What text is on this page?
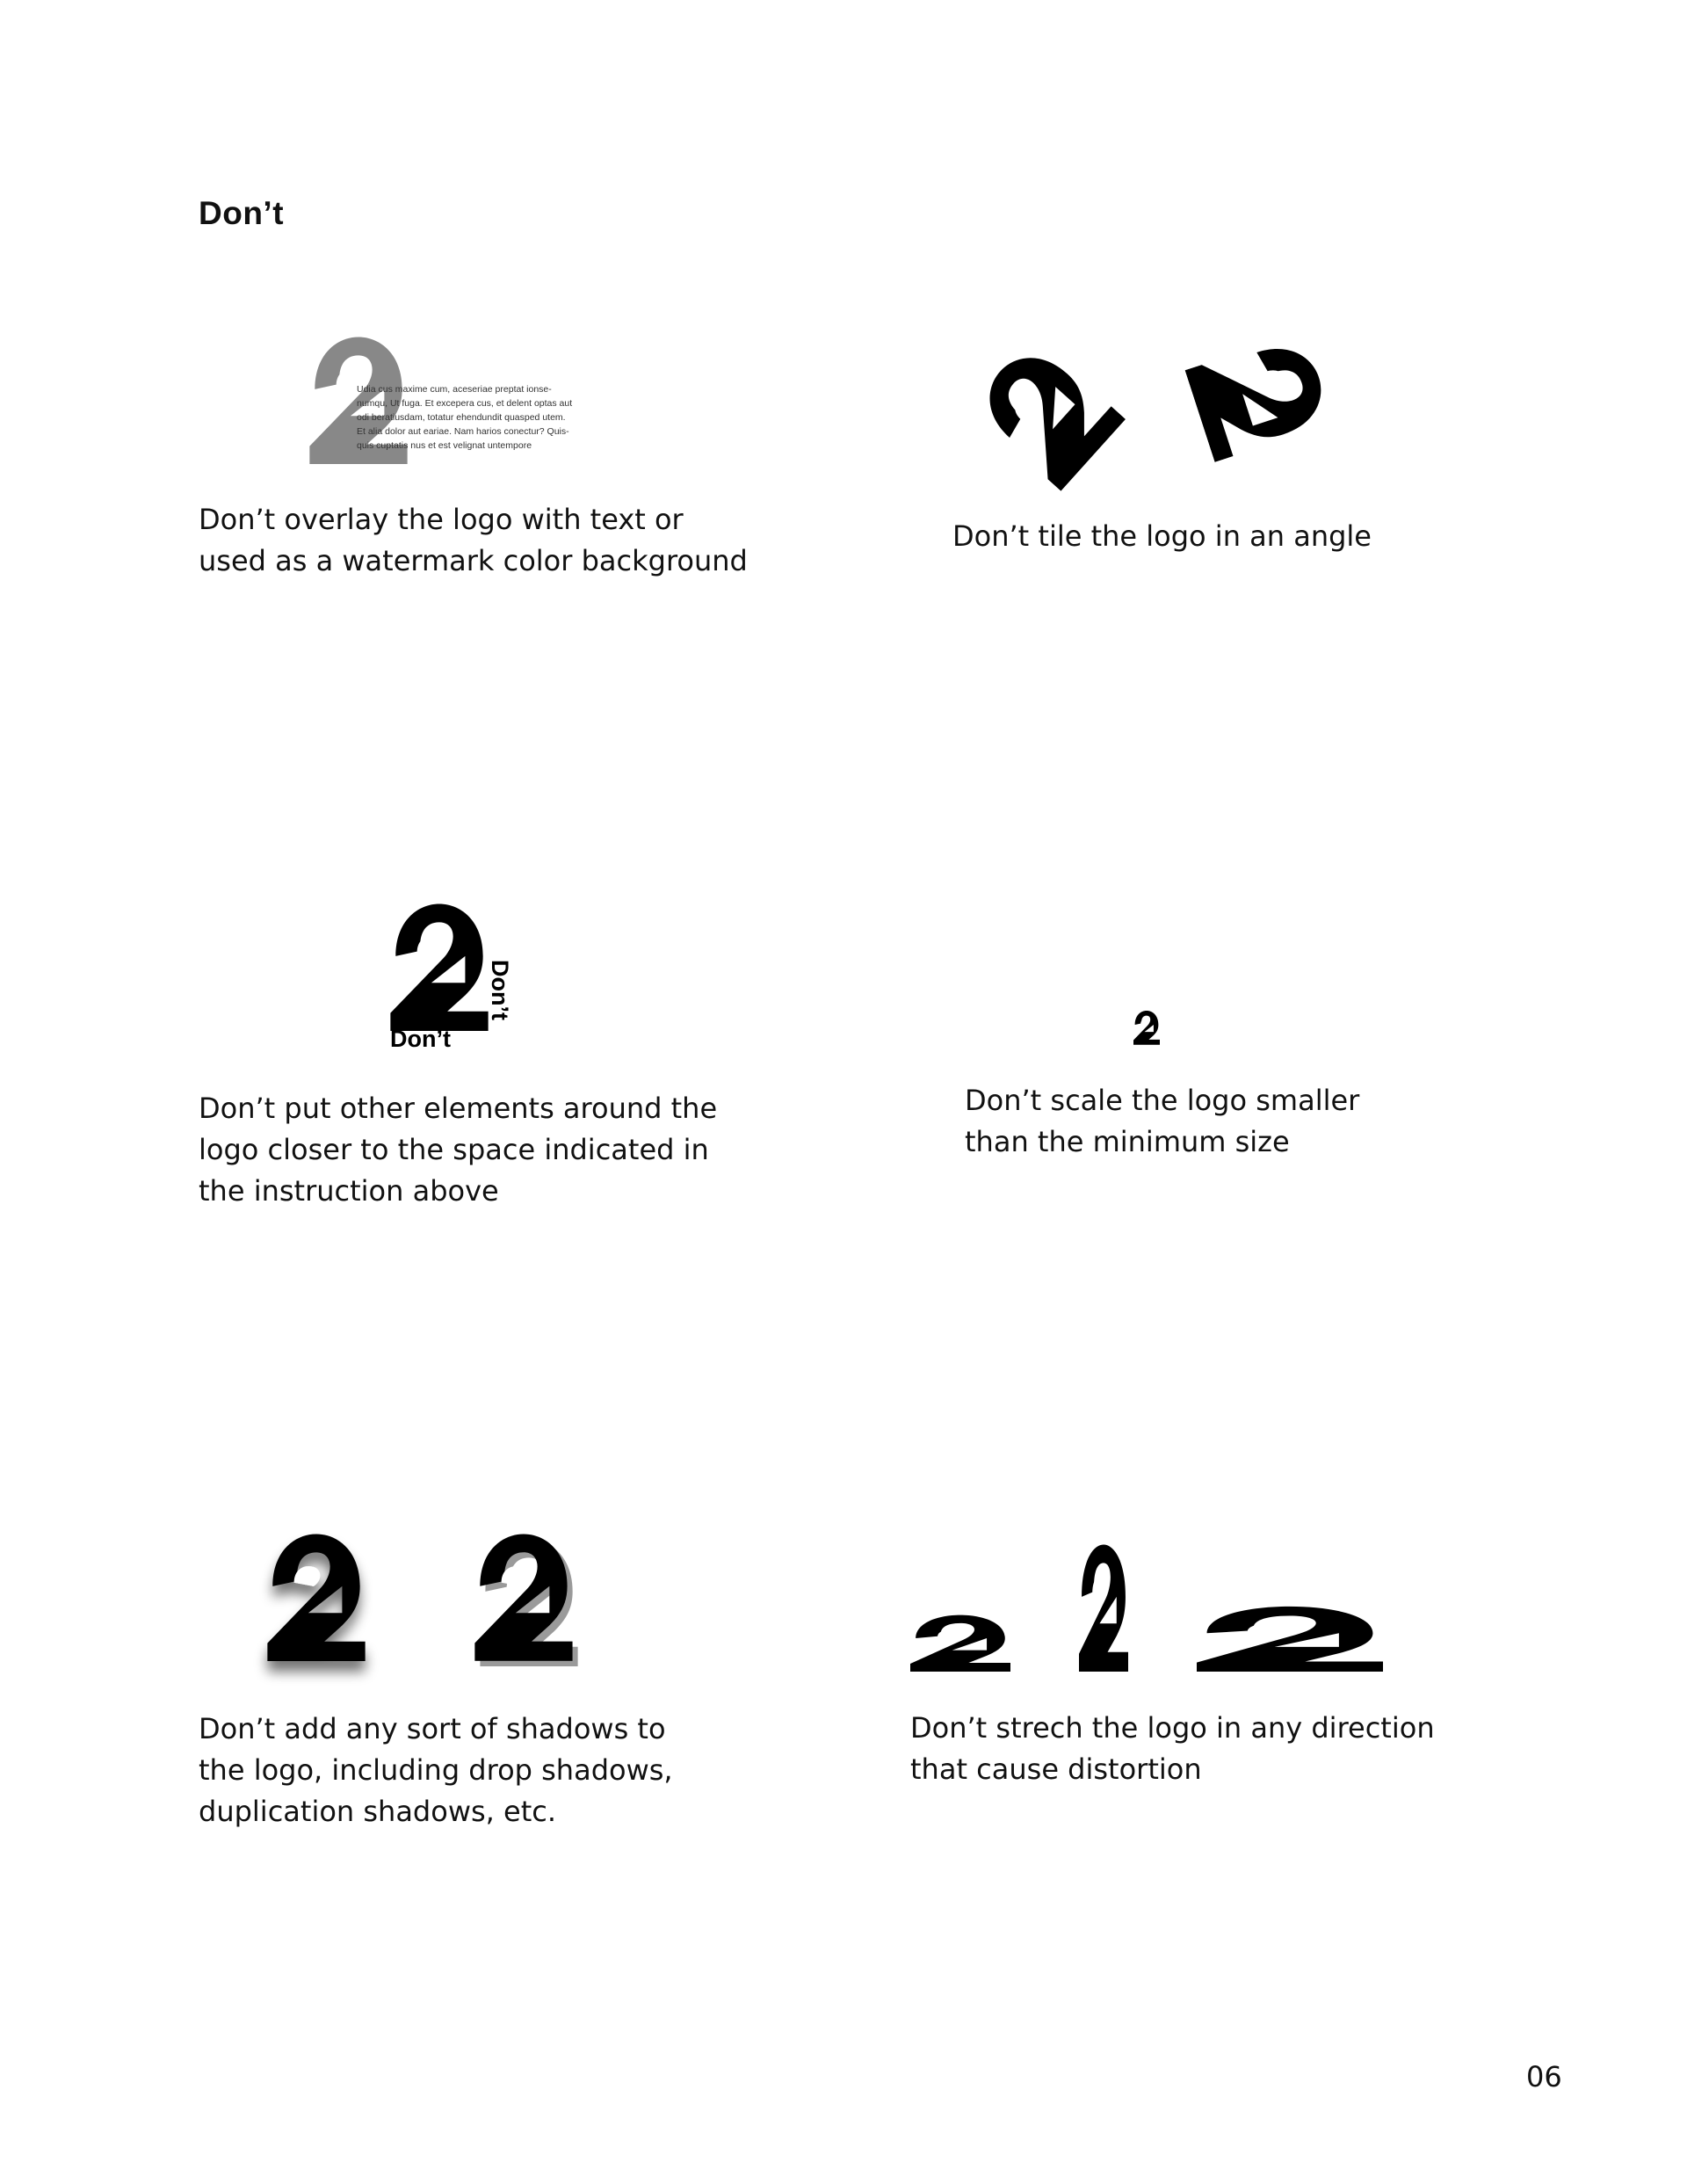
Don’t
Udia cus maxime cum, aceseriae preptat ionse-
numqu, Ut fuga. Et excepera cus, et delent optas aut
odi beratiusdam, totatur ehendundit quasped utem.
Et alia dolor aut eariae. Nam harios conectur? Quis-
quis cuptatis nus et est velignat untempore

Don’t overlay the logo with text or
used as a watermark color background

Don’t tile the logo in an angle

Don’t
Don’t

Don’t put other elements around the
logo closer to the space indicated in
the instruction above

Don’t scale the logo smaller
than the minimum size

Don’t add any sort of shadows to
the logo, including drop shadows,
duplication shadows, etc.

Don’t strech the logo in any direction
that cause distortion

06
